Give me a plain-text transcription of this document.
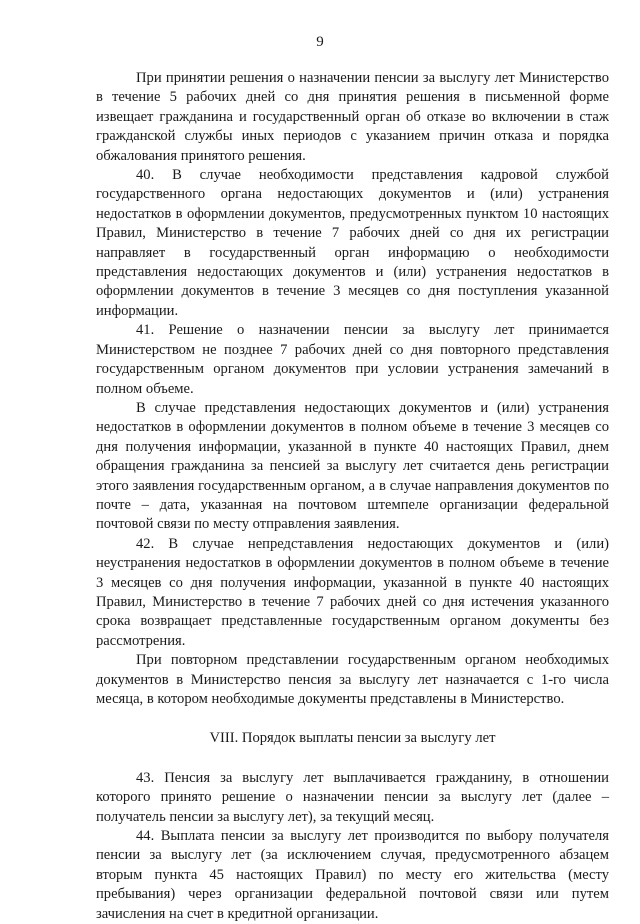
9

При принятии решения о назначении пенсии за выслугу лет Министерство в течение 5 рабочих дней со дня принятия решения в письменной форме извещает гражданина и государственный орган об отказе во включении в стаж гражданской службы иных периодов с указанием причин отказа и порядка обжалования принятого решения.

40. В случае необходимости представления кадровой службой государственного органа недостающих документов и (или) устранения недостатков в оформлении документов, предусмотренных пунктом 10 настоящих Правил, Министерство в течение 7 рабочих дней со дня их регистрации направляет в государственный орган информацию о необходимости представления недостающих документов и (или) устранения недостатков в оформлении документов в течение 3 месяцев со дня поступления указанной информации.

41. Решение о назначении пенсии за выслугу лет принимается Министерством не позднее 7 рабочих дней со дня повторного представления государственным органом документов при условии устранения замечаний в полном объеме.

В случае представления недостающих документов и (или) устранения недостатков в оформлении документов в полном объеме в течение 3 месяцев со дня получения информации, указанной в пункте 40 настоящих Правил, днем обращения гражданина за пенсией за выслугу лет считается день регистрации этого заявления государственным органом, а в случае направления документов по почте – дата, указанная на почтовом штемпеле организации федеральной почтовой связи по месту отправления заявления.

42. В случае непредставления недостающих документов и (или) неустранения недостатков в оформлении документов в полном объеме в течение 3 месяцев со дня получения информации, указанной в пункте 40 настоящих Правил, Министерство в течение 7 рабочих дней со дня истечения указанного срока возвращает представленные государственным органом документы без рассмотрения.

При повторном представлении государственным органом необходимых документов в Министерство пенсия за выслугу лет назначается с 1-го числа месяца, в котором необходимые документы представлены в Министерство.

VIII. Порядок выплаты пенсии за выслугу лет

43. Пенсия за выслугу лет выплачивается гражданину, в отношении которого принято решение о назначении пенсии за выслугу лет (далее – получатель пенсии за выслугу лет), за текущий месяц.

44. Выплата пенсии за выслугу лет производится по выбору получателя пенсии за выслугу лет (за исключением случая, предусмотренного абзацем вторым пункта 45 настоящих Правил) по месту его жительства (месту пребывания) через организации федеральной почтовой связи или путем зачисления на счет в кредитной организации.
